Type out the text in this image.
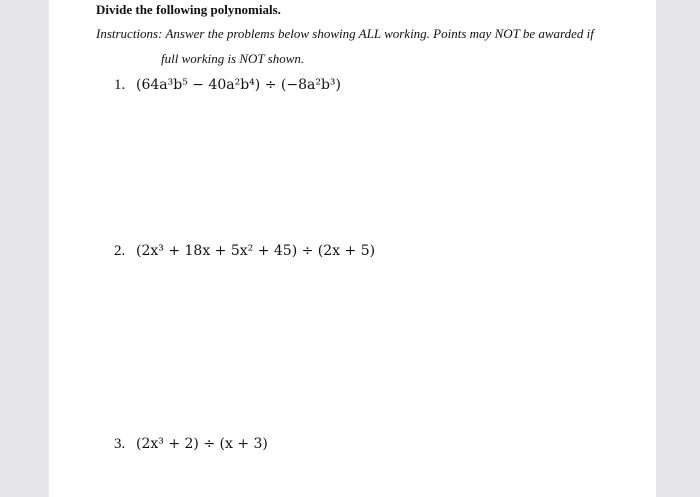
Divide the following polynomials.
Instructions: Answer the problems below showing ALL working. Points may NOT be awarded if
full working is NOT shown.
1. (64a³b⁵ − 40a²b⁴) ÷ (−8a²b³)
2. (2x³ + 18x + 5x² + 45) ÷ (2x + 5)
3. (2x³ + 2) ÷ (x + 3)
